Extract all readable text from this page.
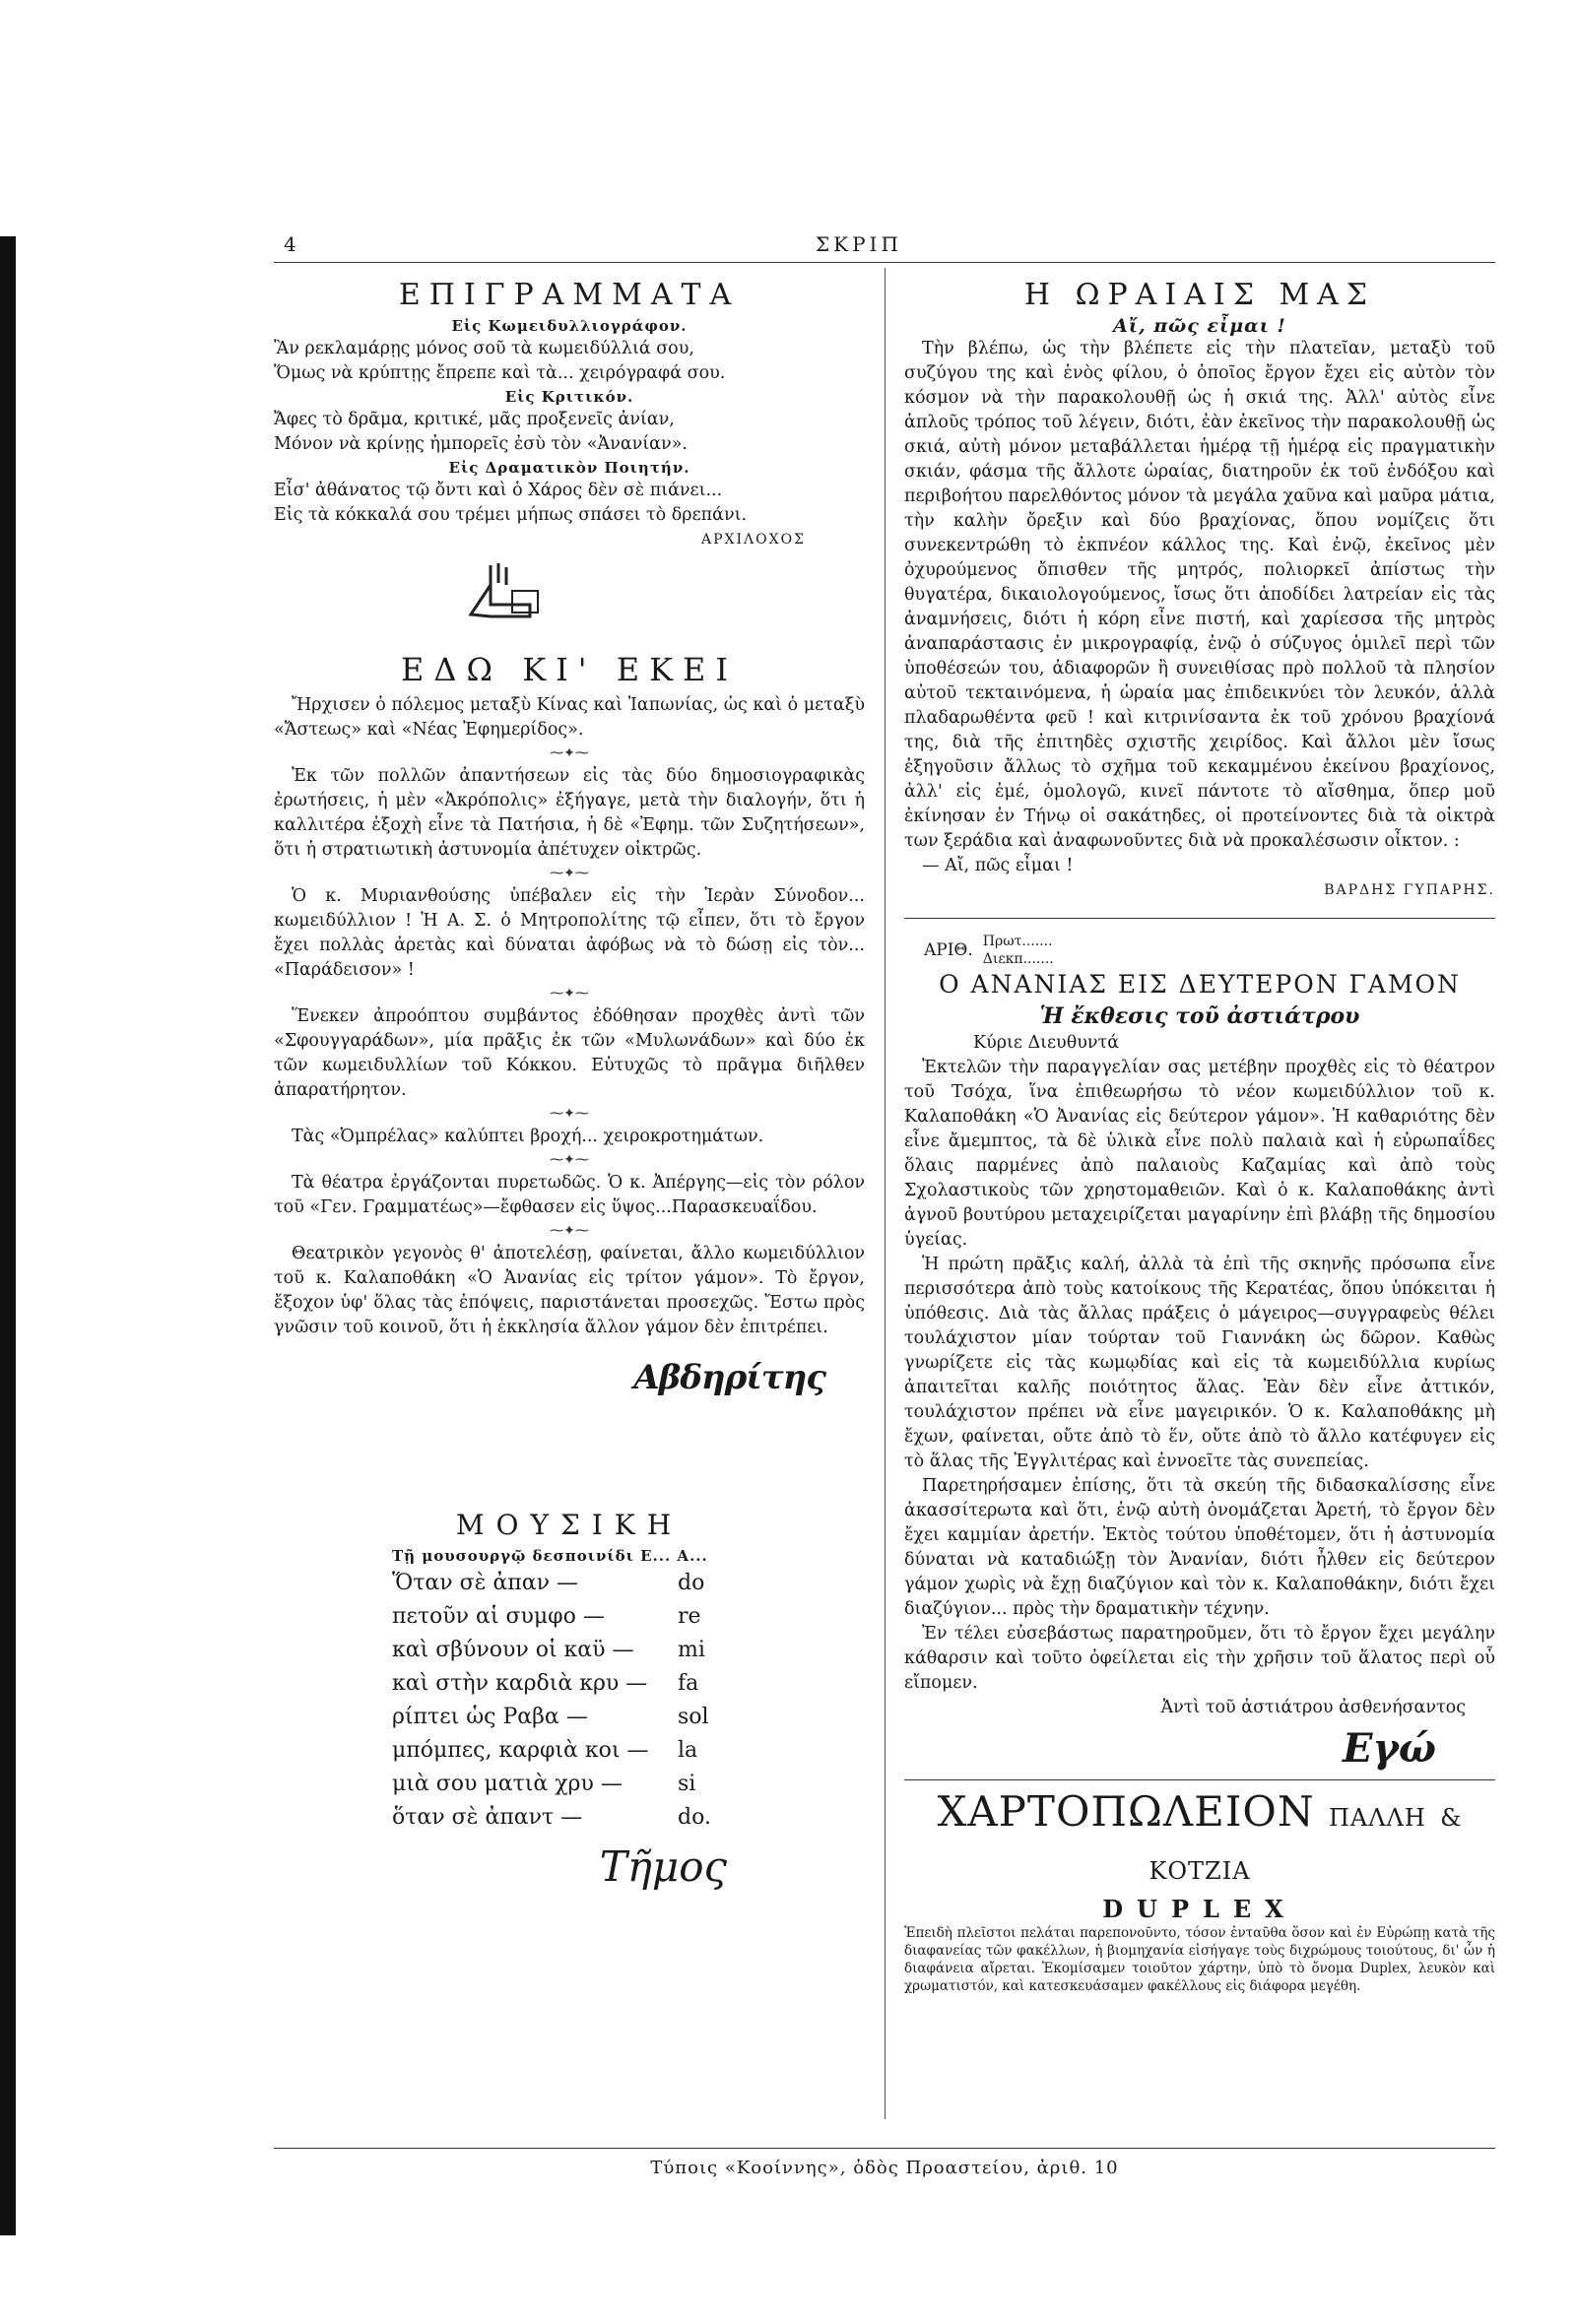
4	ΣΚΡΙΠ

ΕΠΙΓΡΑΜΜΑΤΑ

Εἰς Κωμειδυλλιογράφον.

Ἂν ρεκλαμάρῃς μόνος σοῦ τὰ κωμειδύλλιά σου,

Ὅμως νὰ κρύπτῃς ἔπρεπε καὶ τὰ... χειρόγραφά σου.

Εἰς Κριτικόν.

Ἄφες τὸ δρᾶμα, κριτικέ, μᾶς προξενεῖς ἀνίαν,

Μόνον νὰ κρίνῃς ἠμπορεῖς ἐσὺ τὸν «Ἀνανίαν».

Εἰς Δραματικὸν Ποιητήν.

Εἶσ' ἀθάνατος τῷ ὄντι καὶ ὁ Χάρος δὲν σὲ πιάνει...

Εἰς τὰ κόκκαλά σου τρέμει μήπως σπάσει τὸ δρεπάνι.

ΑΡΧΙΛΟΧΟΣ

ΕΔΩ ΚΙ' ΕΚΕΙ

Ἤρχισεν ὁ πόλεμος μεταξὺ Κίνας καὶ Ἰαπωνίας, ὡς καὶ ὁ μεταξὺ «Ἄστεως» καὶ «Νέας Ἐφημερίδος».

⁓✦⁓

Ἐκ τῶν πολλῶν ἀπαντήσεων εἰς τὰς δύο δημοσιογραφικὰς ἐρωτήσεις, ἡ μὲν «Ἀκρόπολις» ἐξήγαγε, μετὰ τὴν διαλογήν, ὅτι ἡ καλλιτέρα ἐξοχὴ εἶνε τὰ Πατήσια, ἡ δὲ «Ἐφημ. τῶν Συζητήσεων», ὅτι ἡ στρατιωτικὴ ἀστυνομία ἀπέτυχεν οἰκτρῶς.

⁓✦⁓

Ὁ κ. Μυριανθούσης ὑπέβαλεν εἰς τὴν Ἱερὰν Σύνοδον... κωμειδύλλιον ! Ἡ Α. Σ. ὁ Μητροπολίτης τῷ εἶπεν, ὅτι τὸ ἔργον ἔχει πολλὰς ἀρετὰς καὶ δύναται ἀφόβως νὰ τὸ δώσῃ εἰς τὸν... «Παράδεισον» !

⁓✦⁓

Ἕνεκεν ἀπροόπτου συμβάντος ἐδόθησαν προχθὲς ἀντὶ τῶν «Σφουγγαράδων», μία πρᾶξις ἐκ τῶν «Μυλωνάδων» καὶ δύο ἐκ τῶν κωμειδυλλίων τοῦ Κόκκου. Εὐτυχῶς τὸ πρᾶγμα διῆλθεν ἀπαρατήρητον.

⁓✦⁓

Τὰς «Ὀμπρέλας» καλύπτει βροχή... χειροκροτημάτων.

⁓✦⁓

Τὰ θέατρα ἐργάζονται πυρετωδῶς. Ὁ κ. Ἀπέργης—εἰς τὸν ρόλον τοῦ «Γεν. Γραμματέως»—ἔφθασεν εἰς ὕψος...Παρασκευαΐδου.

⁓✦⁓

Θεατρικὸν γεγονὸς θ' ἀποτελέσῃ, φαίνεται, ἄλλο κωμειδύλλιον τοῦ κ. Καλαποθάκη «Ὁ Ἀνανίας εἰς τρίτον γάμον». Τὸ ἔργον, ἔξοχον ὑφ' ὅλας τὰς ἐπόψεις, παριστάνεται προσεχῶς. Ἔστω πρὸς γνῶσιν τοῦ κοινοῦ, ὅτι ἡ ἐκκλησία ἄλλον γάμον δὲν ἐπιτρέπει.

Αβδηρίτης

ΜΟΥΣΙΚΗ

Τῇ μουσουργῷ δεσποινίδι Ε... Α...

Ὅταν σὲ ἀπαν —	do
πετοῦν αἱ συμφο —	re
καὶ σβύνουν οἱ καϋ —	mi
καὶ στὴν καρδιὰ κρυ —	fa
ρίπτει ὡς Ραβα —	sol
μπόμπες, καρφιὰ κοι —	la
μιὰ σου ματιὰ χρυ —	si
ὅταν σὲ ἀπαντ —	do.

Τῆμος

Η ΩΡΑΙΑΙΣ ΜΑΣ

Αἴ, πῶς εἶμαι !

Τὴν βλέπω, ὡς τὴν βλέπετε εἰς τὴν πλατεῖαν, μεταξὺ τοῦ συζύγου της καὶ ἑνὸς φίλου, ὁ ὁποῖος ἔργον ἔχει εἰς αὐτὸν τὸν κόσμον νὰ τὴν παρακολουθῇ ὡς ἡ σκιά της. Ἀλλ' αὐτὸς εἶνε ἁπλοῦς τρόπος τοῦ λέγειν, διότι, ἐὰν ἐκεῖνος τὴν παρακολουθῇ ὡς σκιά, αὐτὴ μόνον μεταβάλλεται ἡμέρᾳ τῇ ἡμέρᾳ εἰς πραγματικὴν σκιάν, φάσμα τῆς ἄλλοτε ὡραίας, διατηροῦν ἐκ τοῦ ἐνδόξου καὶ περιβοήτου παρελθόντος μόνον τὰ μεγάλα χαῦνα καὶ μαῦρα μάτια, τὴν καλὴν ὄρεξιν καὶ δύο βραχίονας, ὅπου νομίζεις ὅτι συνεκεντρώθη τὸ ἐκπνέον κάλλος της. Καὶ ἐνῷ, ἐκεῖνος μὲν ὀχυρούμενος ὄπισθεν τῆς μητρός, πολιορκεῖ ἀπίστως τὴν θυγατέρα, δικαιολογούμενος, ἴσως ὅτι ἀποδίδει λατρείαν εἰς τὰς ἀναμνήσεις, διότι ἡ κόρη εἶνε πιστή, καὶ χαρίεσσα τῆς μητρὸς ἀναπαράστασις ἐν μικρογραφίᾳ, ἐνῷ ὁ σύζυγος ὁμιλεῖ περὶ τῶν ὑποθέσεών του, ἀδιαφορῶν ἢ συνειθίσας πρὸ πολλοῦ τὰ πλησίον αὐτοῦ τεκταινόμενα, ἡ ὡραία μας ἐπιδεικνύει τὸν λευκόν, ἀλλὰ πλαδαρωθέντα φεῦ ! καὶ κιτρινίσαντα ἐκ τοῦ χρόνου βραχίονά της, διὰ τῆς ἐπιτηδὲς σχιστῆς χειρίδος. Καὶ ἄλλοι μὲν ἴσως ἐξηγοῦσιν ἄλλως τὸ σχῆμα τοῦ κεκαμμένου ἐκείνου βραχίονος, ἀλλ' εἰς ἐμέ, ὁμολογῶ, κινεῖ πάντοτε τὸ αἴσθημα, ὅπερ μοῦ ἐκίνησαν ἐν Τήνῳ οἱ σακάτηδες, οἱ προτείνοντες διὰ τὰ οἰκτρὰ των ξεράδια καὶ ἀναφωνοῦντες διὰ νὰ προκαλέσωσιν οἶκτον. :

— Αἴ, πῶς εἶμαι !

ΒΑΡΔΗΣ ΓΥΠΑΡΗΣ.

ΑΡΙΘ. Πρωτ.......
Διεκπ.......

Ο ΑΝΑΝΙΑΣ ΕΙΣ ΔΕΥΤΕΡΟΝ ΓΑΜΟΝ

Ἡ ἔκθεσις τοῦ ἀστιάτρου

Κύριε Διευθυντά

Ἐκτελῶν τὴν παραγγελίαν σας μετέβην προχθὲς εἰς τὸ θέατρον τοῦ Τσόχα, ἵνα ἐπιθεωρήσω τὸ νέον κωμειδύλλιον τοῦ κ. Καλαποθάκη «Ὁ Ἀνανίας εἰς δεύτερον γάμον». Ἡ καθαριότης δὲν εἶνε ἄμεμπτος, τὰ δὲ ὑλικὰ εἶνε πολὺ παλαιὰ καὶ ἡ εὐρωπαΐδες ὅλαις παρμένες ἀπὸ παλαιοὺς Καζαμίας καὶ ἀπὸ τοὺς Σχολαστικοὺς τῶν χρηστομαθειῶν. Καὶ ὁ κ. Καλαποθάκης ἀντὶ ἁγνοῦ βουτύρου μεταχειρίζεται μαγαρίνην ἐπὶ βλάβῃ τῆς δημοσίου ὑγείας.

Ἡ πρώτη πρᾶξις καλή, ἀλλὰ τὰ ἐπὶ τῆς σκηνῆς πρόσωπα εἶνε περισσότερα ἀπὸ τοὺς κατοίκους τῆς Κερατέας, ὅπου ὑπόκειται ἡ ὑπόθεσις. Διὰ τὰς ἄλλας πράξεις ὁ μάγειρος—συγγραφεὺς θέλει τουλάχιστον μίαν τούρταν τοῦ Γιαννάκη ὡς δῶρον. Καθὼς γνωρίζετε εἰς τὰς κωμῳδίας καὶ εἰς τὰ κωμειδύλλια κυρίως ἀπαιτεῖται καλῆς ποιότητος ἅλας. Ἐὰν δὲν εἶνε ἀττικόν, τουλάχιστον πρέπει νὰ εἶνε μαγειρικόν. Ὁ κ. Καλαποθάκης μὴ ἔχων, φαίνεται, οὔτε ἀπὸ τὸ ἕν, οὔτε ἀπὸ τὸ ἄλλο κατέφυγεν εἰς τὸ ἅλας τῆς Ἐγγλιτέρας καὶ ἐννοεῖτε τὰς συνεπείας.

Παρετηρήσαμεν ἐπίσης, ὅτι τὰ σκεύη τῆς διδασκαλίσσης εἶνε ἀκασσίτερωτα καὶ ὅτι, ἐνῷ αὐτὴ ὀνομάζεται Ἀρετή, τὸ ἔργον δὲν ἔχει καμμίαν ἀρετήν. Ἐκτὸς τούτου ὑποθέτομεν, ὅτι ἡ ἀστυνομία δύναται νὰ καταδιώξῃ τὸν Ἀνανίαν, διότι ἦλθεν εἰς δεύτερον γάμον χωρὶς νὰ ἔχῃ διαζύγιον καὶ τὸν κ. Καλαποθάκην, διότι ἔχει διαζύγιον... πρὸς τὴν δραματικὴν τέχνην.

Ἐν τέλει εὐσεβάστως παρατηροῦμεν, ὅτι τὸ ἔργον ἔχει μεγάλην κάθαρσιν καὶ τοῦτο ὀφείλεται εἰς τὴν χρῆσιν τοῦ ἅλατος περὶ οὗ εἴπομεν.

Ἀντὶ τοῦ ἀστιάτρου ἀσθενήσαντος

Εγώ

ΧΑΡΤΟΠΩΛΕΙΟΝ ΠΑΛΛΗ & ΚΟΤΖΙΑ

DUPLEX

Ἐπειδὴ πλεῖστοι πελάται παρεπονοῦντο, τόσον ἐνταῦθα ὅσον καὶ ἐν Εὐρώπῃ κατὰ τῆς διαφανείας τῶν φακέλλων, ἡ βιομηχανία εἰσήγαγε τοὺς διχρώμους τοιούτους, δι' ὧν ἡ διαφάνεια αἴρεται. Ἐκομίσαμεν τοιοῦτον χάρτην, ὑπὸ τὸ ὄνομα Duplex, λευκὸν καὶ χρωματιστόν, καὶ κατεσκευάσαμεν φακέλλους εἰς διάφορα μεγέθη.

Τύποις «Κοοίννης», ὁδὸς Προαστείου, ἀριθ. 10
